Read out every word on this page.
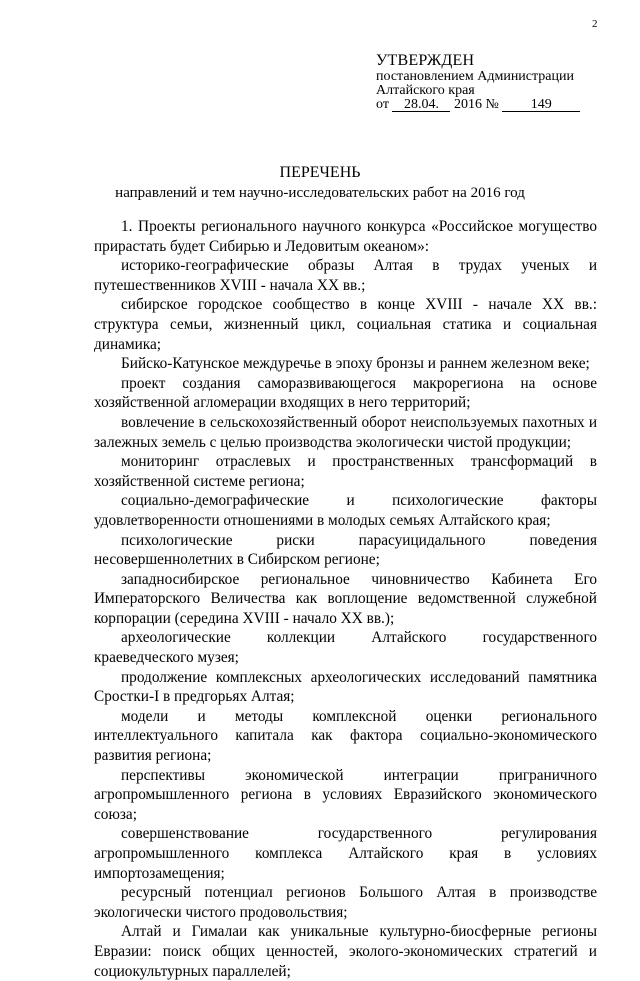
2
УТВЕРЖДЕН
постановлением Администрации
Алтайского края
от 28.04. 2016 № 149
ПЕРЕЧЕНЬ
направлений и тем научно-исследовательских работ на 2016 год

1. Проекты регионального научного конкурса «Российское могущество прирастать будет Сибирью и Ледовитым океаном»:

историко-географические образы Алтая в трудах ученых и путешественников XVIII - начала XX вв.;

сибирское городское сообщество в конце XVIII - начале XX вв.: структура семьи, жизненный цикл, социальная статика и социальная динамика;

Бийско-Катунское междуречье в эпоху бронзы и раннем железном веке;

проект создания саморазвивающегося макрорегиона на основе хозяйственной агломерации входящих в него территорий;

вовлечение в сельскохозяйственный оборот неиспользуемых пахотных и залежных земель с целью производства экологически чистой продукции;

мониторинг отраслевых и пространственных трансформаций в хозяйственной системе региона;

социально-демографические и психологические факторы удовлетворенности отношениями в молодых семьях Алтайского края;

психологические риски парасуицидального поведения несовершеннолетних в Сибирском регионе;

западносибирское региональное чиновничество Кабинета Его Императорского Величества как воплощение ведомственной служебной корпорации (середина XVIII - начало XX вв.);

археологические коллекции Алтайского государственного краеведческого музея;

продолжение комплексных археологических исследований памятника Сростки-I в предгорьях Алтая;

модели и методы комплексной оценки регионального интеллектуального капитала как фактора социально-экономического развития региона;

перспективы экономической интеграции приграничного агропромышленного региона в условиях Евразийского экономического союза;

совершенствование государственного регулирования агропромышленного комплекса Алтайского края в условиях импортозамещения;

ресурсный потенциал регионов Большого Алтая в производстве экологически чистого продовольствия;

Алтай и Гималаи как уникальные культурно-биосферные регионы Евразии: поиск общих ценностей, эколого-экономических стратегий и социокультурных параллелей;
